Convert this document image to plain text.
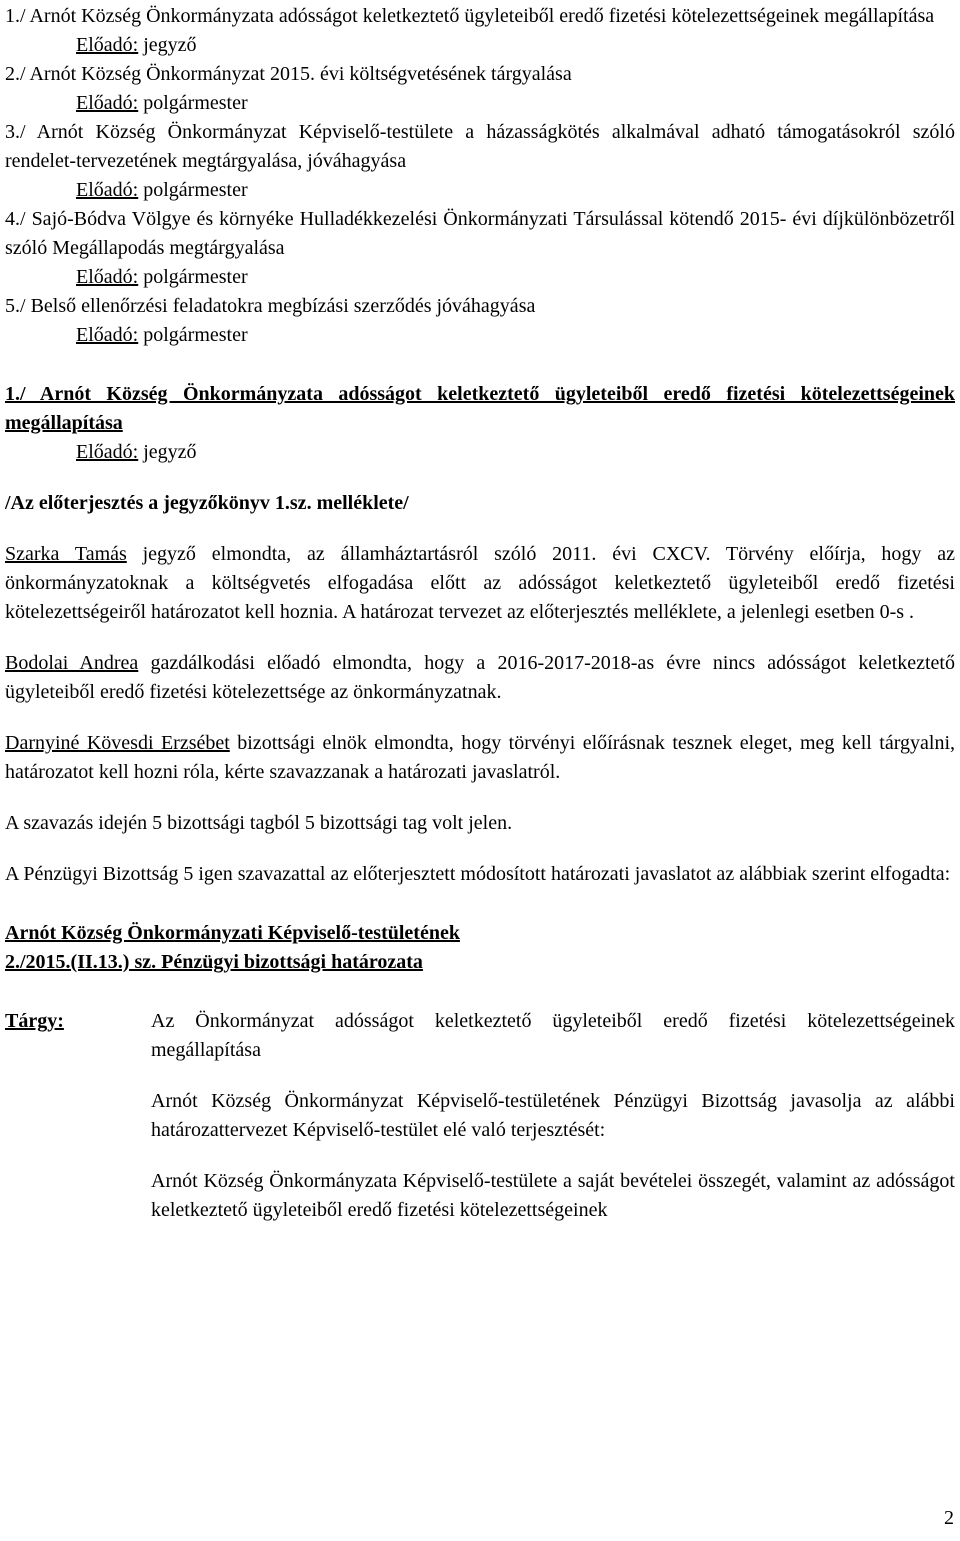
1./ Arnót Község Önkormányzata adósságot keletkeztető ügyleteiből eredő fizetési kötelezettségeinek megállapítása
Előadó: jegyző
2./ Arnót Község Önkormányzat 2015. évi költségvetésének tárgyalása
Előadó: polgármester
3./ Arnót Község Önkormányzat Képviselő-testülete a házasságkötés alkalmával adható támogatásokról szóló rendelet-tervezetének megtárgyalása, jóváhagyása
Előadó: polgármester
4./ Sajó-Bódva Völgye és környéke Hulladékkezelési Önkormányzati Társulással kötendő 2015- évi díjkülönbözetről szóló Megállapodás megtárgyalása
Előadó: polgármester
5./ Belső ellenőrzési feladatokra megbízási szerződés jóváhagyása
Előadó: polgármester
1./ Arnót Község Önkormányzata adósságot keletkeztető ügyleteiből eredő fizetési kötelezettségeinek megállapítása
Előadó: jegyző
/Az előterjesztés a jegyzőkönyv 1.sz. melléklete/

Szarka Tamás jegyző elmondta, az államháztartásról szóló 2011. évi CXCV. Törvény előírja, hogy az önkormányzatoknak a költségvetés elfogadása előtt az adósságot keletkeztető ügyleteiből eredő fizetési kötelezettségeiről határozatot kell hoznia. A határozat tervezet az előterjesztés melléklete, a jelenlegi esetben 0-s .

Bodolai Andrea gazdálkodási előadó elmondta, hogy a 2016-2017-2018-as évre nincs adósságot keletkeztető ügyleteiből eredő fizetési kötelezettsége az önkormányzatnak.

Darnyiné Kövesdi Erzsébet bizottsági elnök elmondta, hogy törvényi előírásnak tesznek eleget, meg kell tárgyalni, határozatot kell hozni róla, kérte szavazzanak a határozati javaslatról.

A szavazás idején 5 bizottsági tagból 5 bizottsági tag volt jelen.

A Pénzügyi Bizottság 5 igen szavazattal az előterjesztett módosított határozati javaslatot az alábbiak szerint elfogadta:

Arnót Község Önkormányzati Képviselő-testületének
2./2015.(II.13.) sz. Pénzügyi bizottsági határozata
Tárgy:	Az Önkormányzat adósságot keletkeztető ügyleteiből eredő fizetési kötelezettségeinek megállapítása

Arnót Község Önkormányzat Képviselő-testületének Pénzügyi Bizottság javasolja az alábbi határozattervezet Képviselő-testület elé való terjesztését:

Arnót Község Önkormányzata Képviselő-testülete a saját bevételei összegét, valamint az adósságot keletkeztető ügyleteiből eredő fizetési kötelezettségeinek

2
